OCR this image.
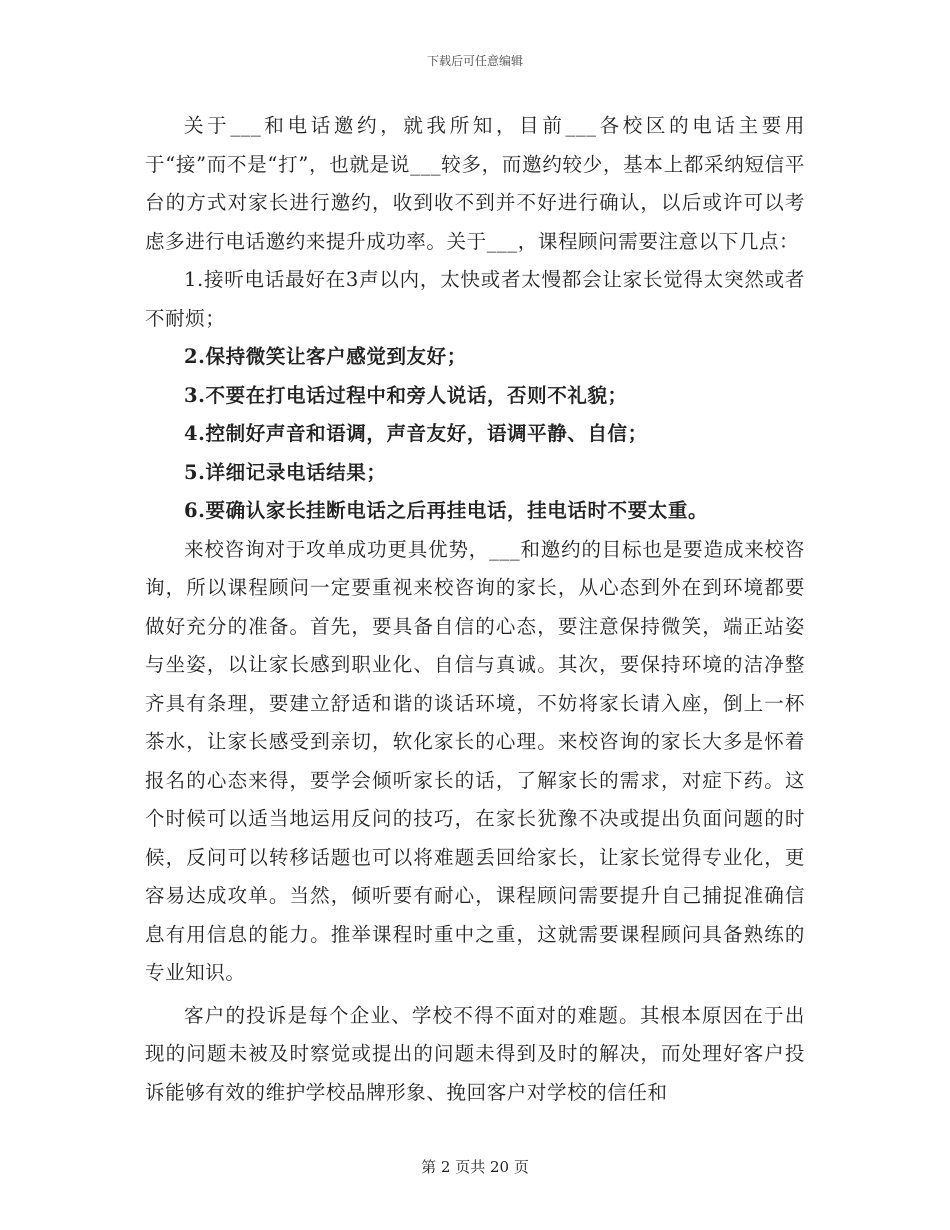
下载后可任意编辑

关于___和电话邀约，就我所知，目前___各校区的电话主要用于“接”而不是“打”，也就是说___较多，而邀约较少，基本上都采纳短信平台的方式对家长进行邀约，收到收不到并不好进行确认，以后或许可以考虑多进行电话邀约来提升成功率。关于___，课程顾问需要注意以下几点：

1.接听电话最好在3声以内，太快或者太慢都会让家长觉得太突然或者不耐烦；

2.保持微笑让客户感觉到友好；

3.不要在打电话过程中和旁人说话，否则不礼貌；

4.控制好声音和语调，声音友好，语调平静、自信；

5.详细记录电话结果；

6.要确认家长挂断电话之后再挂电话，挂电话时不要太重。

来校咨询对于攻单成功更具优势，___和邀约的目标也是要造成来校咨询，所以课程顾问一定要重视来校咨询的家长，从心态到外在到环境都要做好充分的准备。首先，要具备自信的心态，要注意保持微笑，端正站姿与坐姿，以让家长感到职业化、自信与真诚。其次，要保持环境的洁净整齐具有条理，要建立舒适和谐的谈话环境，不妨将家长请入座，倒上一杯茶水，让家长感受到亲切，软化家长的心理。来校咨询的家长大多是怀着报名的心态来得，要学会倾听家长的话，了解家长的需求，对症下药。这个时候可以适当地运用反问的技巧，在家长犹豫不决或提出负面问题的时候，反问可以转移话题也可以将难题丢回给家长，让家长觉得专业化，更容易达成攻单。当然，倾听要有耐心，课程顾问需要提升自己捕捉准确信息有用信息的能力。推举课程时重中之重，这就需要课程顾问具备熟练的专业知识。

客户的投诉是每个企业、学校不得不面对的难题。其根本原因在于出现的问题未被及时察觉或提出的问题未得到及时的解决，而处理好客户投诉能够有效的维护学校品牌形象、挽回客户对学校的信任和

第 2 页共 20 页
